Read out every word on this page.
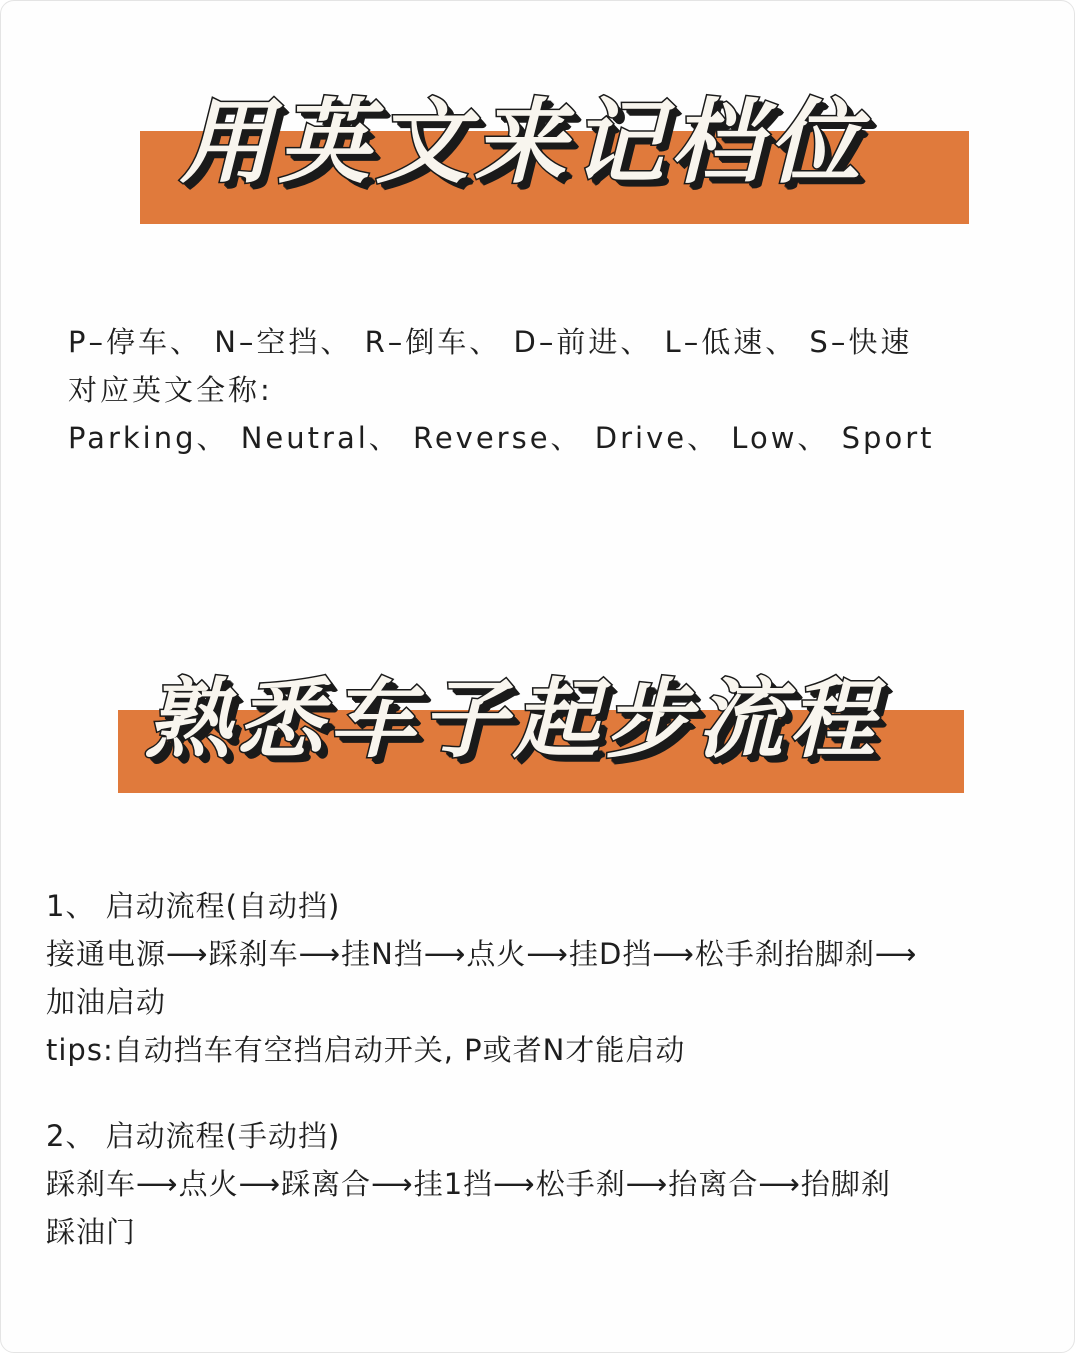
用英文来记档位
P–停车、 N–空挡、 R–倒车、 D–前进、 L–低速、 S–快速
对应英文全称:
Parking、 Neutral、 Reverse、 Drive、 Low、 Sport
熟悉车子起步流程
1、 启动流程(自动挡)
接通电源⟶踩刹车⟶挂N挡⟶点火⟶挂D挡⟶松手刹抬脚刹⟶
加油启动
tips:自动挡车有空挡启动开关, P或者N才能启动
2、 启动流程(手动挡)
踩刹车⟶点火⟶踩离合⟶挂1挡⟶松手刹⟶抬离合⟶抬脚刹
踩油门
